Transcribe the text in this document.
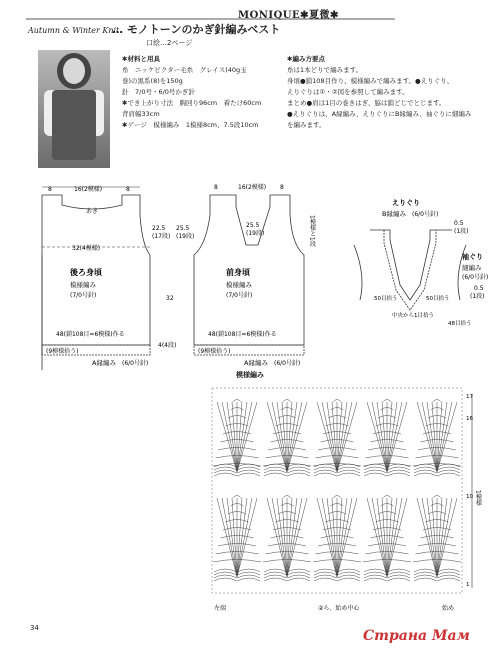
MONIQUE✱夏微✱
Autumn & Winter Knit
… モノトーンのかぎ針編みベスト
口絵…2ページ
✱材料と用具
糸　ニッケビクター毛糸　グレイス(40g玉
巻)の黒系(8)を150g
針　7/0号・6/0号かぎ針
✱でき上がり寸法　胸回り96cm　着たけ60cm
背肩幅33cm
✱ゲージ　模様編み　1模様8cm、7.5段10cm
✱編み方要点
糸は1本どりで編みます。
身頃●鎖108目作り、模様編みで編みます。●えりぐり、
えりぐりは①・②図を参照して編みます。
まとめ●肩は1目の巻きはぎ、脇は鎖どじでとじます。
●えりぐりは、A縁編み、えりぐりにB縁編み、袖ぐりに細編み
を編みます。
8	16(2模様)	8
あき
32(4模様)
22.5
(17段)
32
後ろ身頃
模様編み
(7/0号針)
48(鎖108目=6模様)作る
(9模様拾う)
4(4段)
A縁編み (6/0号針)
8	16(2模様) 8
25.5
(19段)
25.5
(19段)	1模様と1段
前身頃
模様編み
(7/0号針)
48(鎖108目=6模様)作る
(9模様拾う)
A縁編み (6/0号針)
えりぐり
B縁編み (6/0号針)
0.5
(1段)
50目拾う
中央から1目拾う
50目拾う
袖ぐり
細編み
(6/0号針)
0.5
(1段)
48目拾う
模様編み
17
16
10
1
1模様
左端	②ら、始め中心	始め
34	Страна Мам
